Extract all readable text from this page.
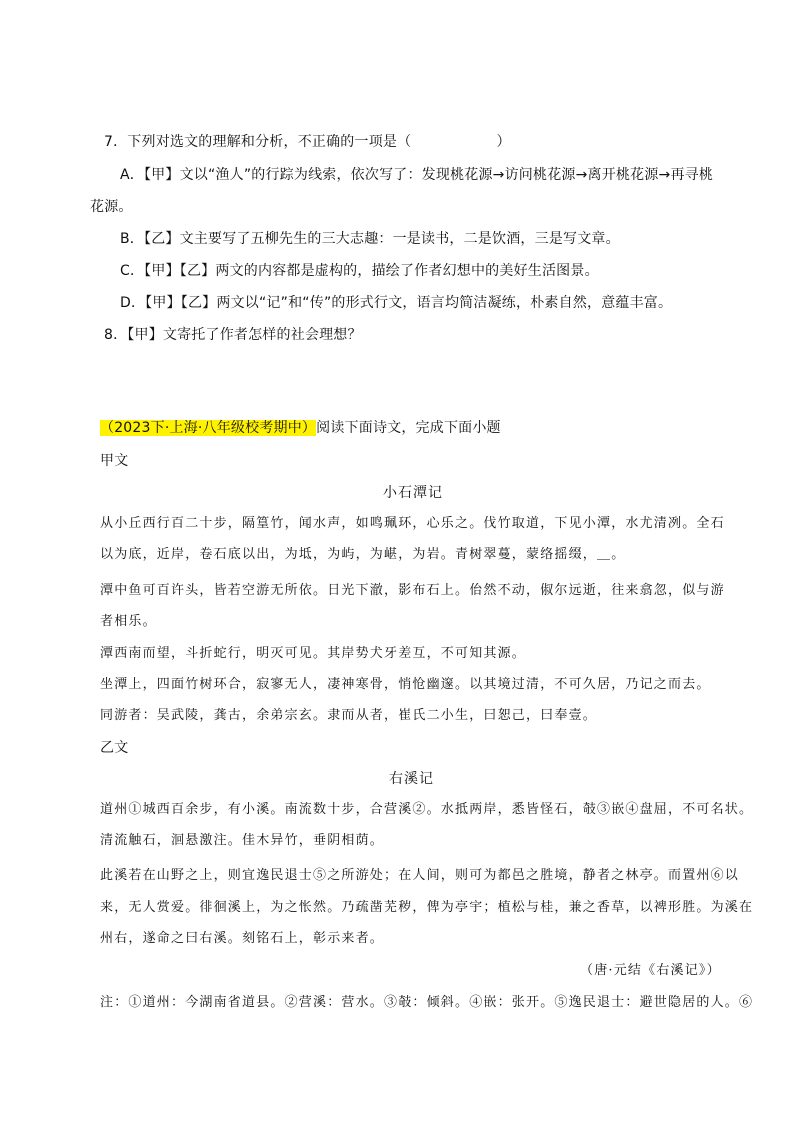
7．下列对选文的理解和分析，不正确的一项是（　　　　　　）
A．【甲】文以“渔人”的行踪为线索，依次写了：发现桃花源→访问桃花源→离开桃花源→再寻桃
花源。
B．【乙】文主要写了五柳先生的三大志趣：一是读书，二是饮酒，三是写文章。
C．【甲】【乙】两文的内容都是虚构的，描绘了作者幻想中的美好生活图景。
D．【甲】【乙】两文以“记”和“传”的形式行文，语言均简洁凝练，朴素自然，意蕴丰富。
8．【甲】文寄托了作者怎样的社会理想？
（2023下·上海·八年级校考期中）阅读下面诗文，完成下面小题
甲文
小石潭记
从小丘西行百二十步，隔篁竹，闻水声，如鸣珮环，心乐之。伐竹取道，下见小潭，水尤清冽。全石
以为底，近岸，卷石底以出，为坻，为屿，为嵁，为岩。青树翠蔓，蒙络摇缀，＿。
潭中鱼可百许头，皆若空游无所依。日光下澈，影布石上。佁然不动，俶尔远逝，往来翕忽，似与游
者相乐。
潭西南而望，斗折蛇行，明灭可见。其岸势犬牙差互，不可知其源。
坐潭上，四面竹树环合，寂寥无人，凄神寒骨，悄怆幽邃。以其境过清，不可久居，乃记之而去。
同游者：吴武陵，龚古，余弟宗玄。隶而从者，崔氏二小生，曰恕己，曰奉壹。
乙文
右溪记
道州①城西百余步，有小溪。南流数十步，合营溪②。水抵两岸，悉皆怪石，攲③嵌④盘屈，不可名状。
清流触石，洄悬激注。佳木异竹，垂阴相荫。
此溪若在山野之上，则宜逸民退士⑤之所游处；在人间，则可为都邑之胜境，静者之林亭。而置州⑥以
来，无人赏爱。徘徊溪上，为之怅然。乃疏凿芜秽，俾为亭宇；植松与桂，兼之香草，以裨形胜。为溪在
州右，遂命之曰右溪。刻铭石上，彰示来者。
（唐·元结《右溪记》）
注：①道州：今湖南省道县。②营溪：营水。③攲：倾斜。④嵌：张开。⑤逸民退士：避世隐居的人。⑥
